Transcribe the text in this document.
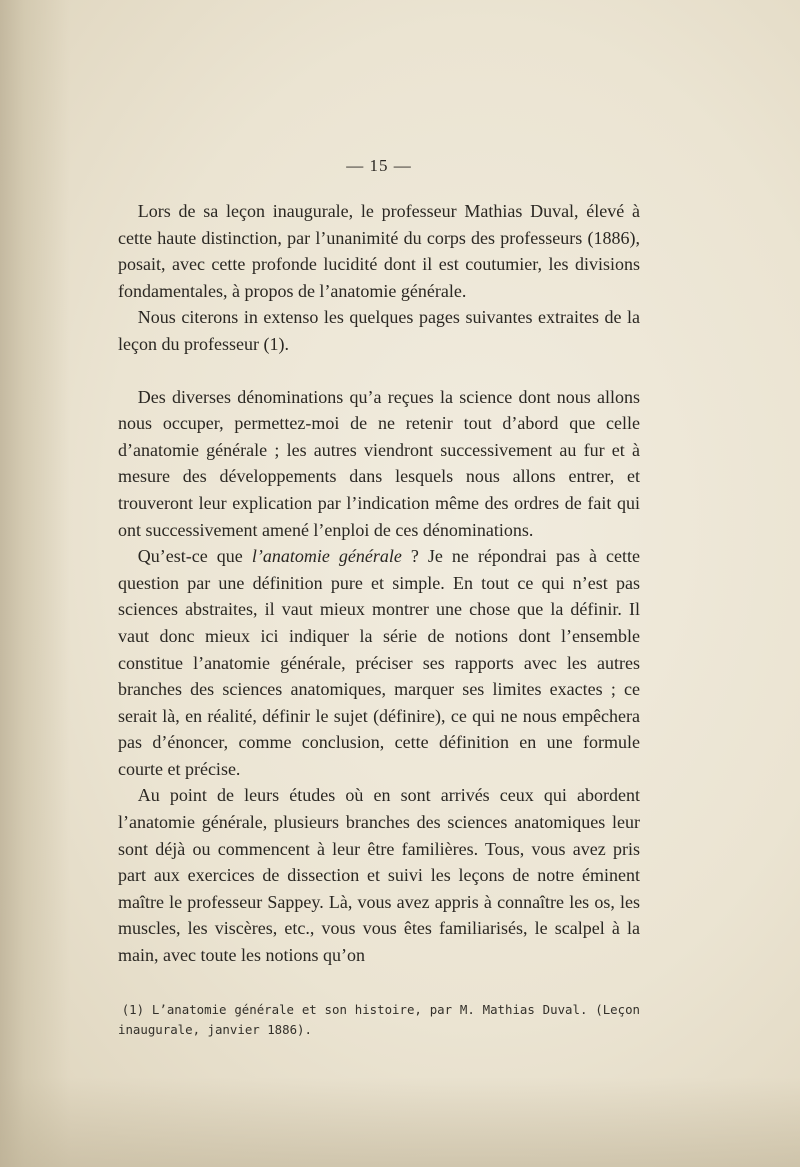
— 15 —

Lors de sa leçon inaugurale, le professeur Mathias Duval, élevé à cette haute distinction, par l’unanimité du corps des professeurs (1886), posait, avec cette profonde lucidité dont il est coutumier, les divisions fondamentales, à propos de l’anatomie générale.

Nous citerons in extenso les quelques pages suivantes extraites de la leçon du professeur (1).

Des diverses dénominations qu’a reçues la science dont nous allons nous occuper, permettez-moi de ne retenir tout d’abord que celle d’anatomie générale ; les autres viendront successivement au fur et à mesure des développements dans lesquels nous allons entrer, et trouveront leur explication par l’indication même des ordres de fait qui ont successivement amené l’enploi de ces dénominations.

Qu’est-ce que l’anatomie générale ? Je ne répondrai pas à cette question par une définition pure et simple. En tout ce qui n’est pas sciences abstraites, il vaut mieux montrer une chose que la définir. Il vaut donc mieux ici indiquer la série de notions dont l’ensemble constitue l’anatomie générale, préciser ses rapports avec les autres branches des sciences anatomiques, marquer ses limites exactes ; ce serait là, en réalité, définir le sujet (définire), ce qui ne nous empêchera pas d’énoncer, comme conclusion, cette définition en une formule courte et précise.

Au point de leurs études où en sont arrivés ceux qui abordent l’anatomie générale, plusieurs branches des sciences anatomiques leur sont déjà ou commencent à leur être familières. Tous, vous avez pris part aux exercices de dissection et suivi les leçons de notre éminent maître le professeur Sappey. Là, vous avez appris à connaître les os, les muscles, les viscères, etc., vous vous êtes familiarisés, le scalpel à la main, avec toute les notions qu’on

(1) L’anatomie générale et son histoire, par M. Mathias Duval. (Leçon inaugurale, janvier 1886).
